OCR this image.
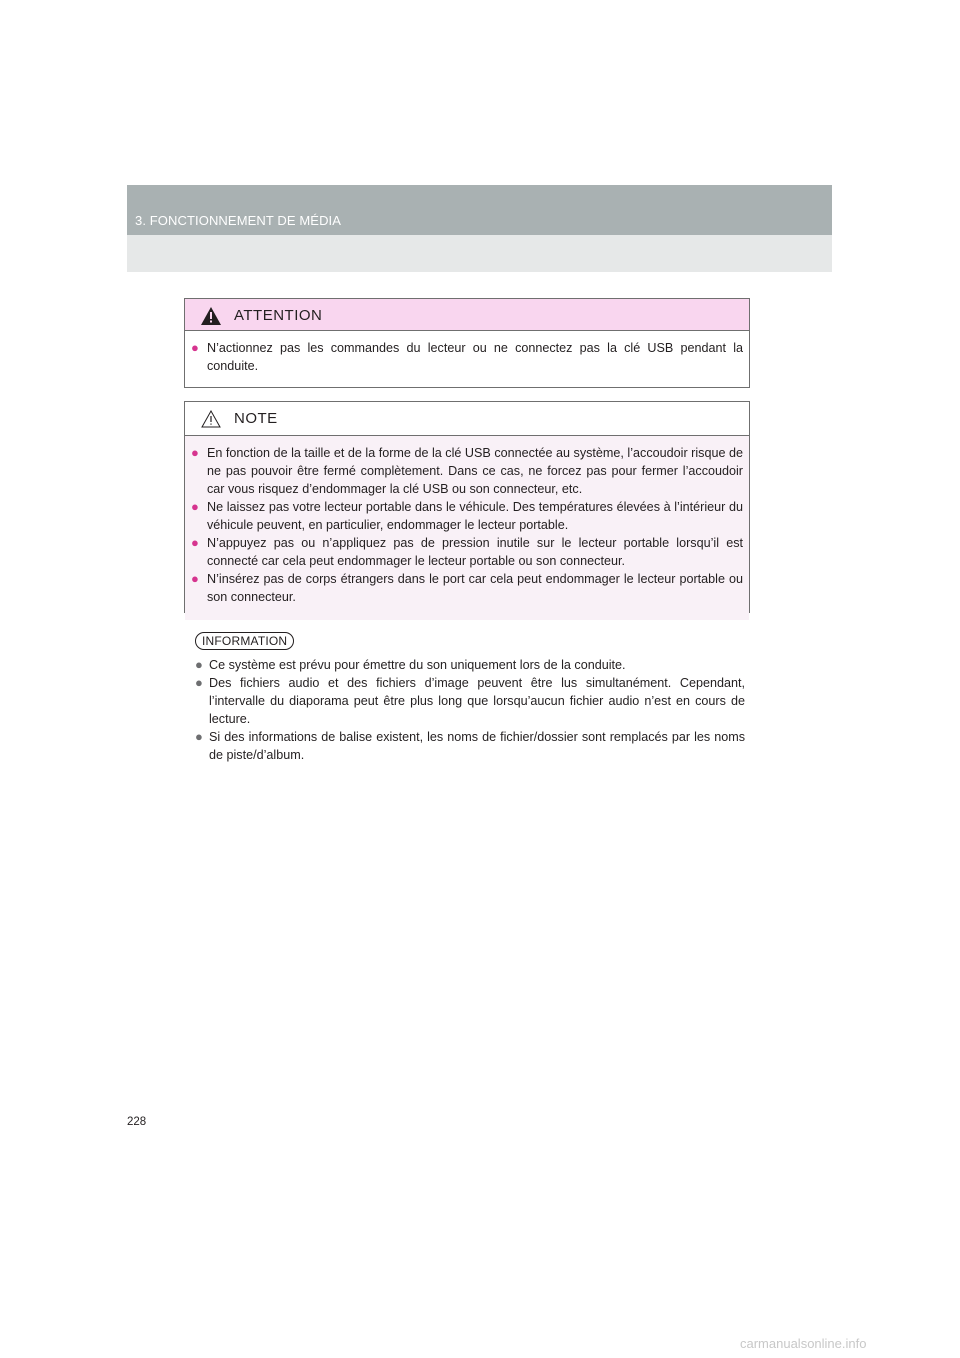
3. FONCTIONNEMENT DE MÉDIA
ATTENTION
● N’actionnez pas les commandes du lecteur ou ne connectez pas la clé USB pendant la conduite.
NOTE
● En fonction de la taille et de la forme de la clé USB connectée au système, l’accoudoir risque de ne pas pouvoir être fermé complètement. Dans ce cas, ne forcez pas pour fermer l’accoudoir car vous risquez d’endommager la clé USB ou son connecteur, etc.
● Ne laissez pas votre lecteur portable dans le véhicule. Des températures élevées à l’intérieur du véhicule peuvent, en particulier, endommager le lecteur portable.
● N’appuyez pas ou n’appliquez pas de pression inutile sur le lecteur portable lorsqu’il est connecté car cela peut endommager le lecteur portable ou son connecteur.
● N’insérez pas de corps étrangers dans le port car cela peut endommager le lecteur portable ou son connecteur.
INFORMATION
● Ce système est prévu pour émettre du son uniquement lors de la conduite.
● Des fichiers audio et des fichiers d’image peuvent être lus simultanément. Cependant, l’intervalle du diaporama peut être plus long que lorsqu’aucun fichier audio n’est en cours de lecture.
● Si des informations de balise existent, les noms de fichier/dossier sont remplacés par les noms de piste/d’album.
228
carmanualsonline.info
